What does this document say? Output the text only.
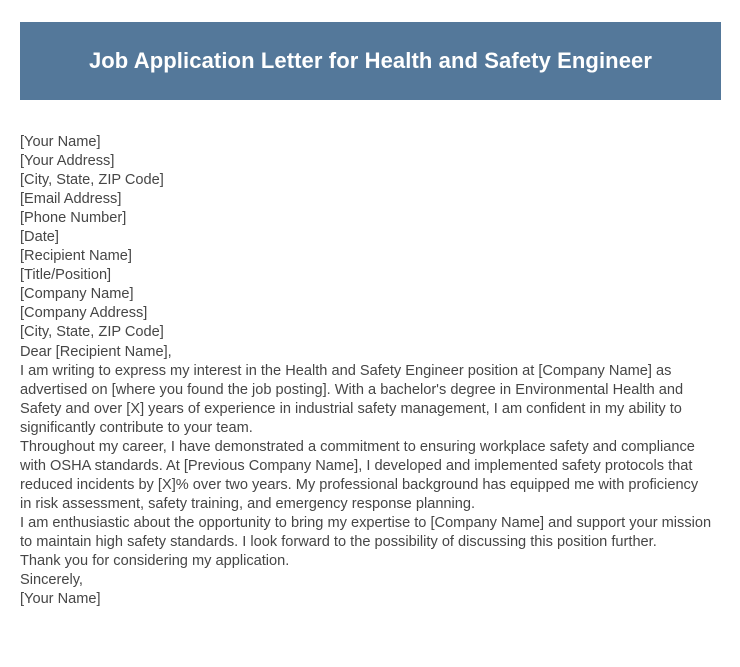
Job Application Letter for Health and Safety Engineer
[Your Name]
[Your Address]
[City, State, ZIP Code]
[Email Address]
[Phone Number]
[Date]
[Recipient Name]
[Title/Position]
[Company Name]
[Company Address]
[City, State, ZIP Code]
Dear [Recipient Name],

I am writing to express my interest in the Health and Safety Engineer position at [Company Name] as advertised on [where you found the job posting]. With a bachelor's degree in Environmental Health and Safety and over [X] years of experience in industrial safety management, I am confident in my ability to significantly contribute to your team.

Throughout my career, I have demonstrated a commitment to ensuring workplace safety and compliance with OSHA standards. At [Previous Company Name], I developed and implemented safety protocols that reduced incidents by [X]% over two years. My professional background has equipped me with proficiency in risk assessment, safety training, and emergency response planning.

I am enthusiastic about the opportunity to bring my expertise to [Company Name] and support your mission to maintain high safety standards. I look forward to the possibility of discussing this position further.

Thank you for considering my application.

Sincerely,
[Your Name]
